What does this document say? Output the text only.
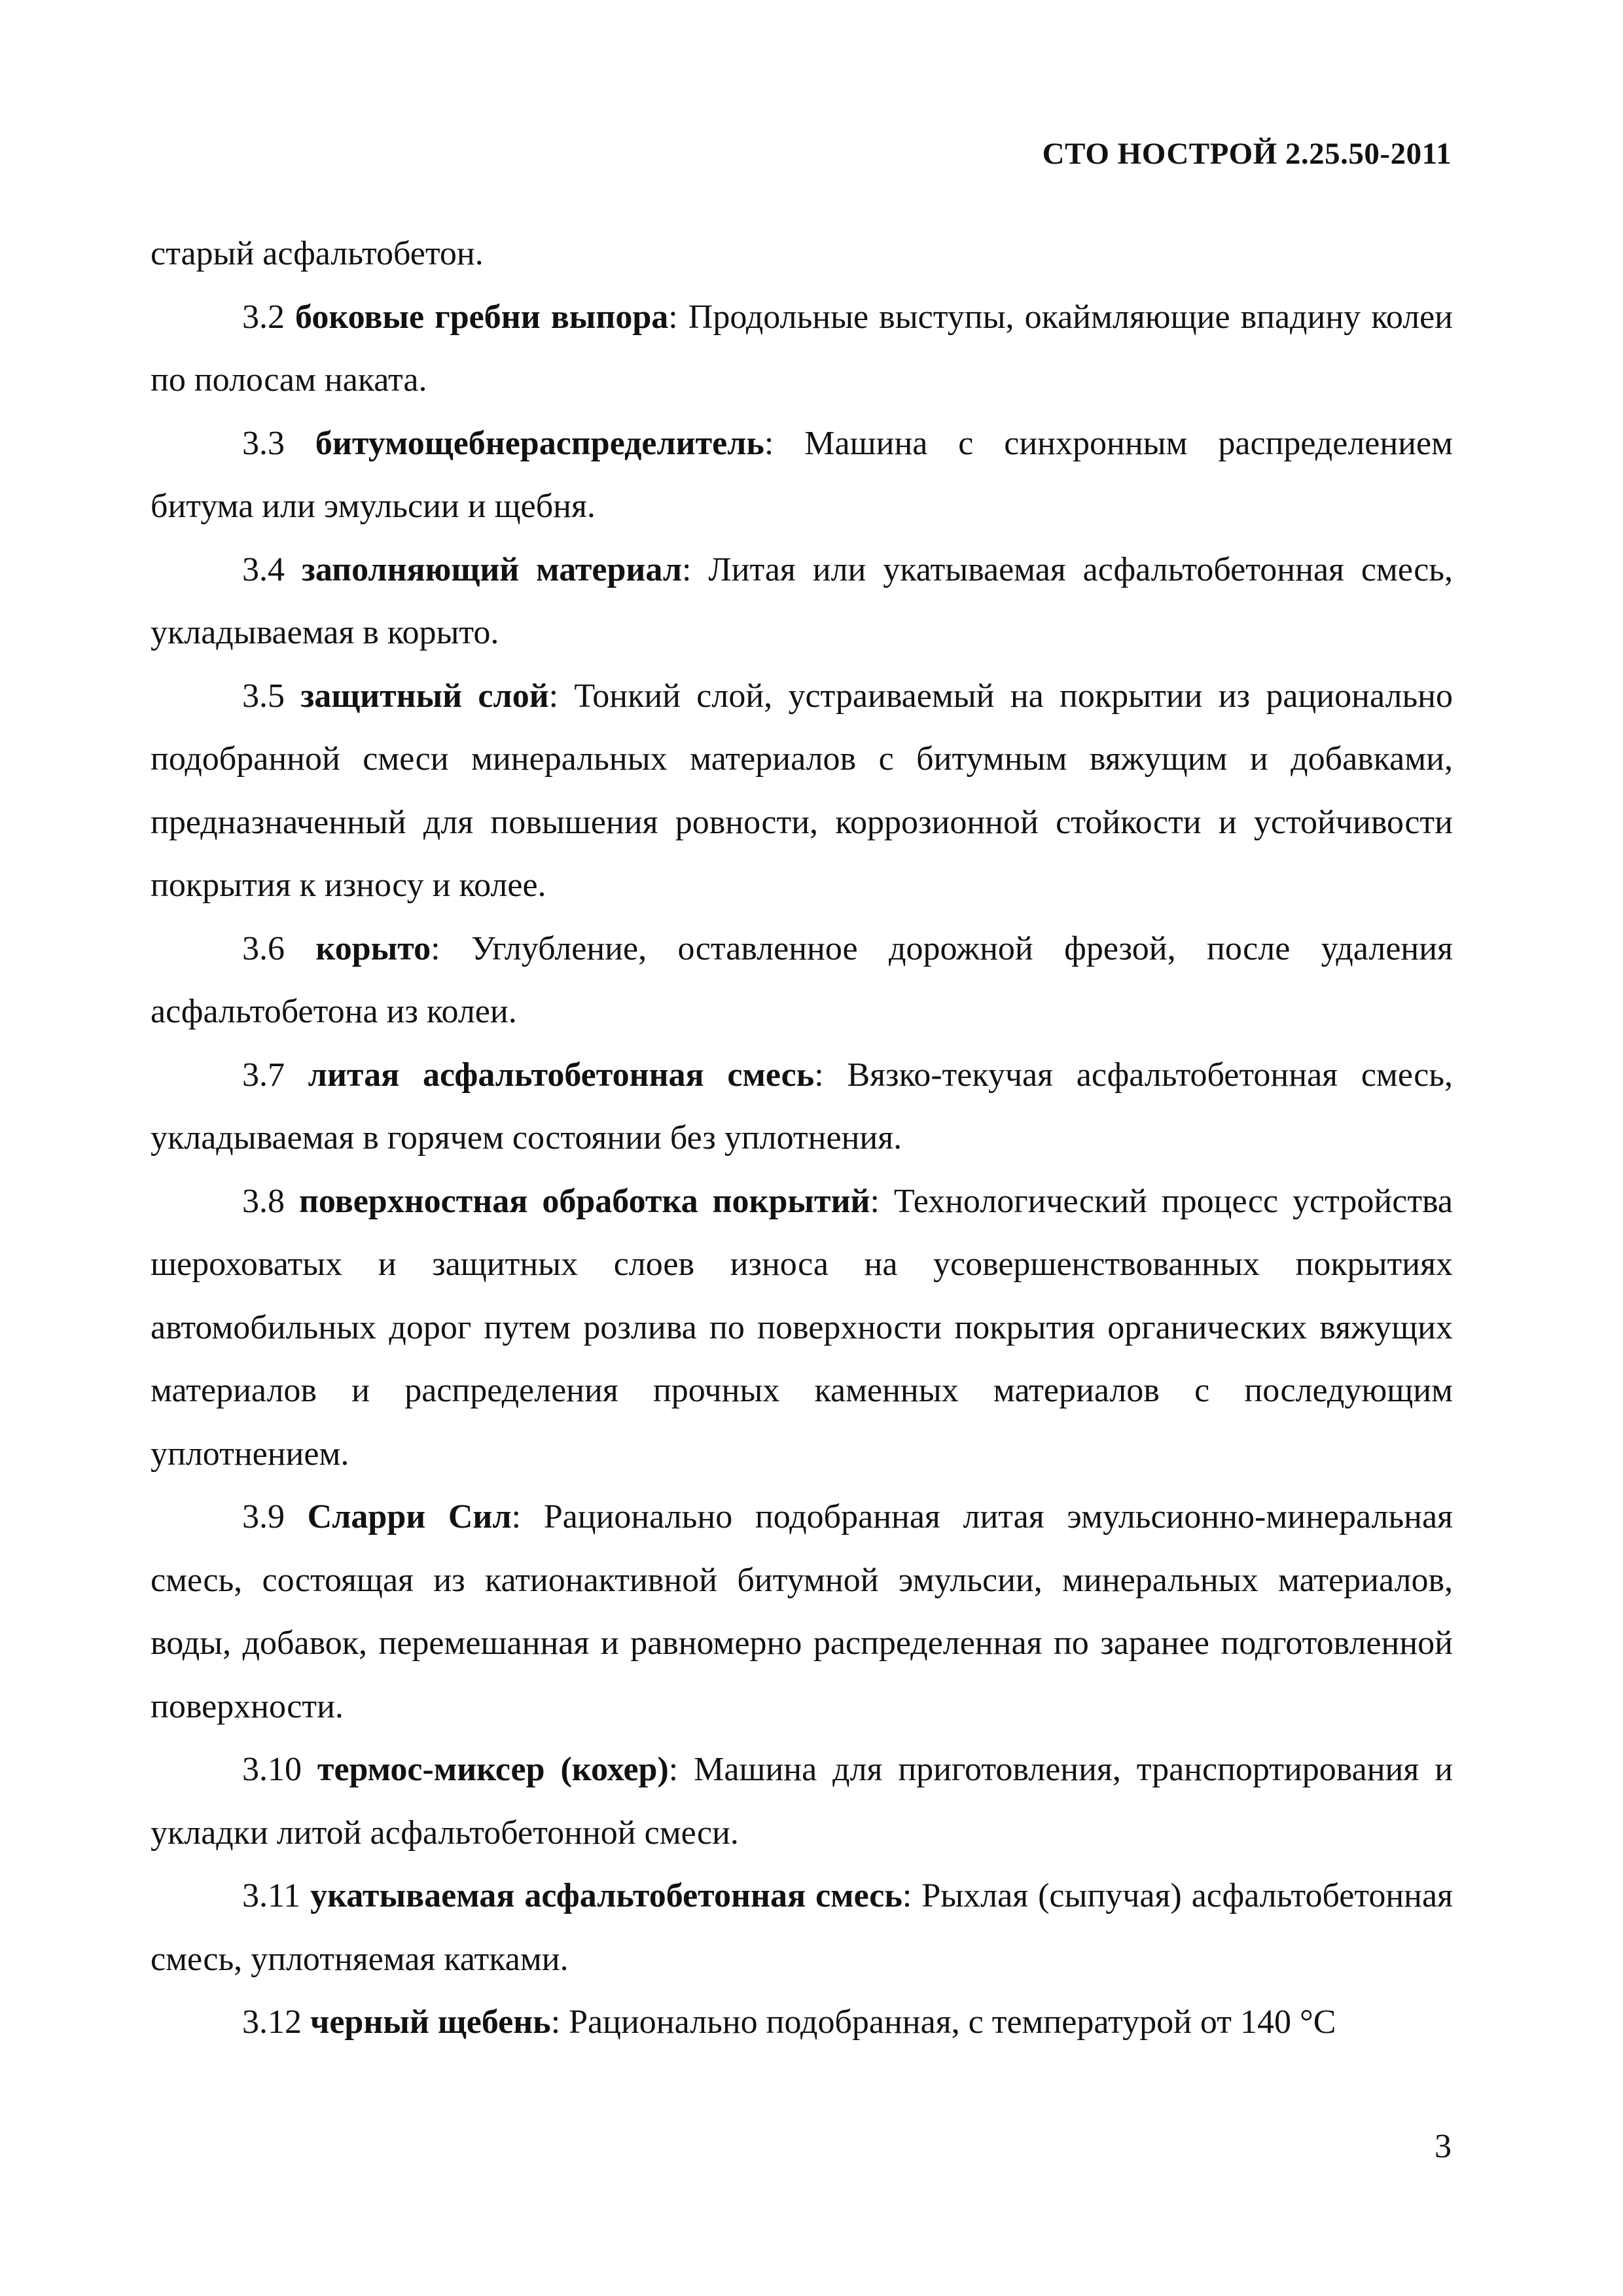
СТО НОСТРОЙ 2.25.50-2011

старый асфальтобетон.

3.2 боковые гребни выпора: Продольные выступы, окаймляющие впадину колеи по полосам наката.

3.3 битумощебнераспределитель: Машина с синхронным распределением битума или эмульсии и щебня.

3.4 заполняющий материал: Литая или укатываемая асфальтобетонная смесь, укладываемая в корыто.

3.5 защитный слой: Тонкий слой, устраиваемый на покрытии из рационально подобранной смеси минеральных материалов с битумным вяжущим и добавками, предназначенный для повышения ровности, коррозионной стойкости и устойчивости покрытия к износу и колее.

3.6 корыто: Углубление, оставленное дорожной фрезой, после удаления асфальтобетона из колеи.

3.7 литая асфальтобетонная смесь: Вязко-текучая асфальтобетонная смесь, укладываемая в горячем состоянии без уплотнения.

3.8 поверхностная обработка покрытий: Технологический процесс устройства шероховатых и защитных слоев износа на усовершенствованных покрытиях автомобильных дорог путем розлива по поверхности покрытия органических вяжущих материалов и распределения прочных каменных материалов с последующим уплотнением.

3.9 Сларри Сил: Рационально подобранная литая эмульсионно-минеральная смесь, состоящая из катионактивной битумной эмульсии, минеральных материалов, воды, добавок, перемешанная и равномерно распределенная по заранее подготовленной поверхности.

3.10 термос-миксер (кохер): Машина для приготовления, транспортирования и укладки литой асфальтобетонной смеси.

3.11 укатываемая асфальтобетонная смесь: Рыхлая (сыпучая) асфальтобетонная смесь, уплотняемая катками.

3.12 черный щебень: Рационально подобранная, с температурой от 140 °С

3
